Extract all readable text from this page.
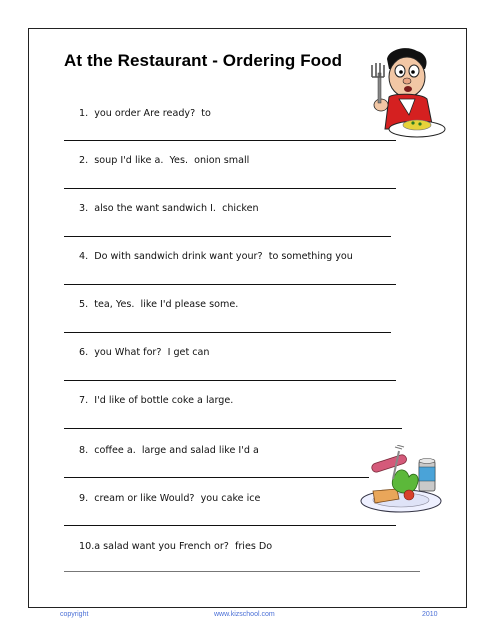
At the Restaurant - Ordering Food
1.  you order Are ready?  to
2.  soup I'd like a.  Yes.  onion small
3.  also the want sandwich I.  chicken
4.  Do with sandwich drink want your?  to something you
5.  tea, Yes.  like I'd please some.
6.  you What for?  I get can
7.  I'd like of bottle coke a large.
8.  coffee a.  large and salad like I'd a
9.  cream or like Would?  you cake ice
10.a salad want you French or?  fries Do
copyright	www.kizschool.com	2010
